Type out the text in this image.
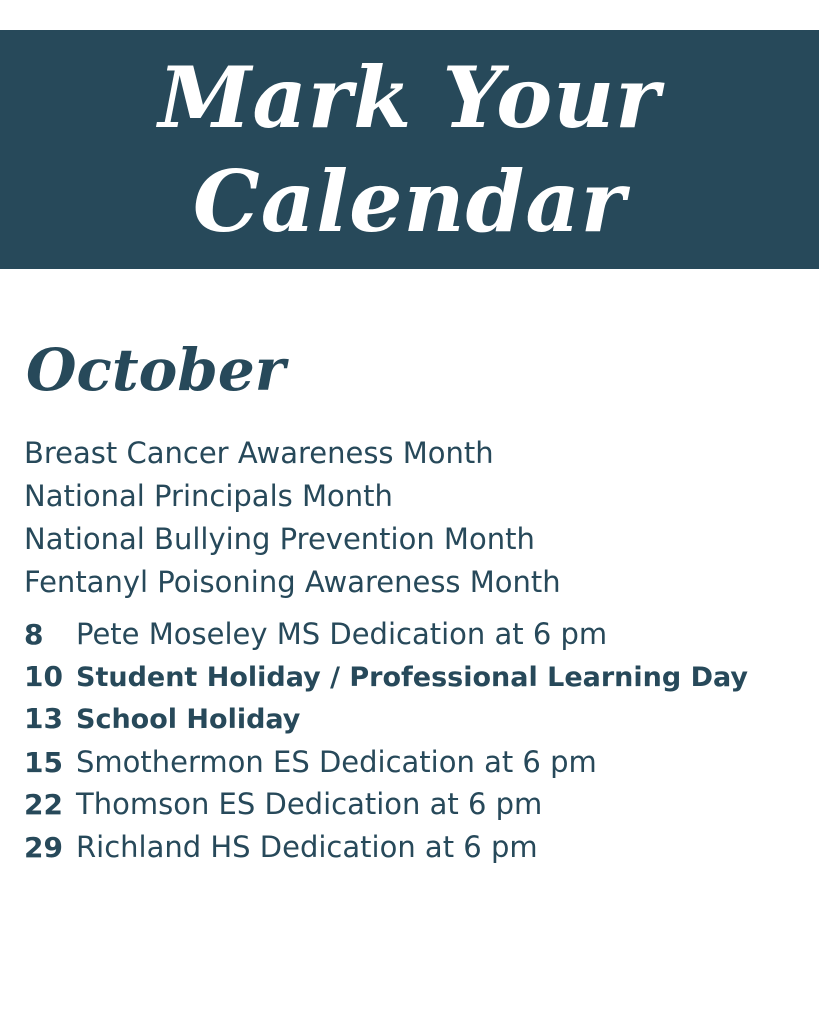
Mark Your
Calendar
October
Breast Cancer Awareness Month
National Principals Month
National Bullying Prevention Month
Fentanyl Poisoning Awareness Month
8	Pete Moseley MS Dedication at 6 pm
10 Student Holiday / Professional Learning Day
13 School Holiday
15 Smothermon ES Dedication at 6 pm
22 Thomson ES Dedication at 6 pm
29 Richland HS Dedication at 6 pm
